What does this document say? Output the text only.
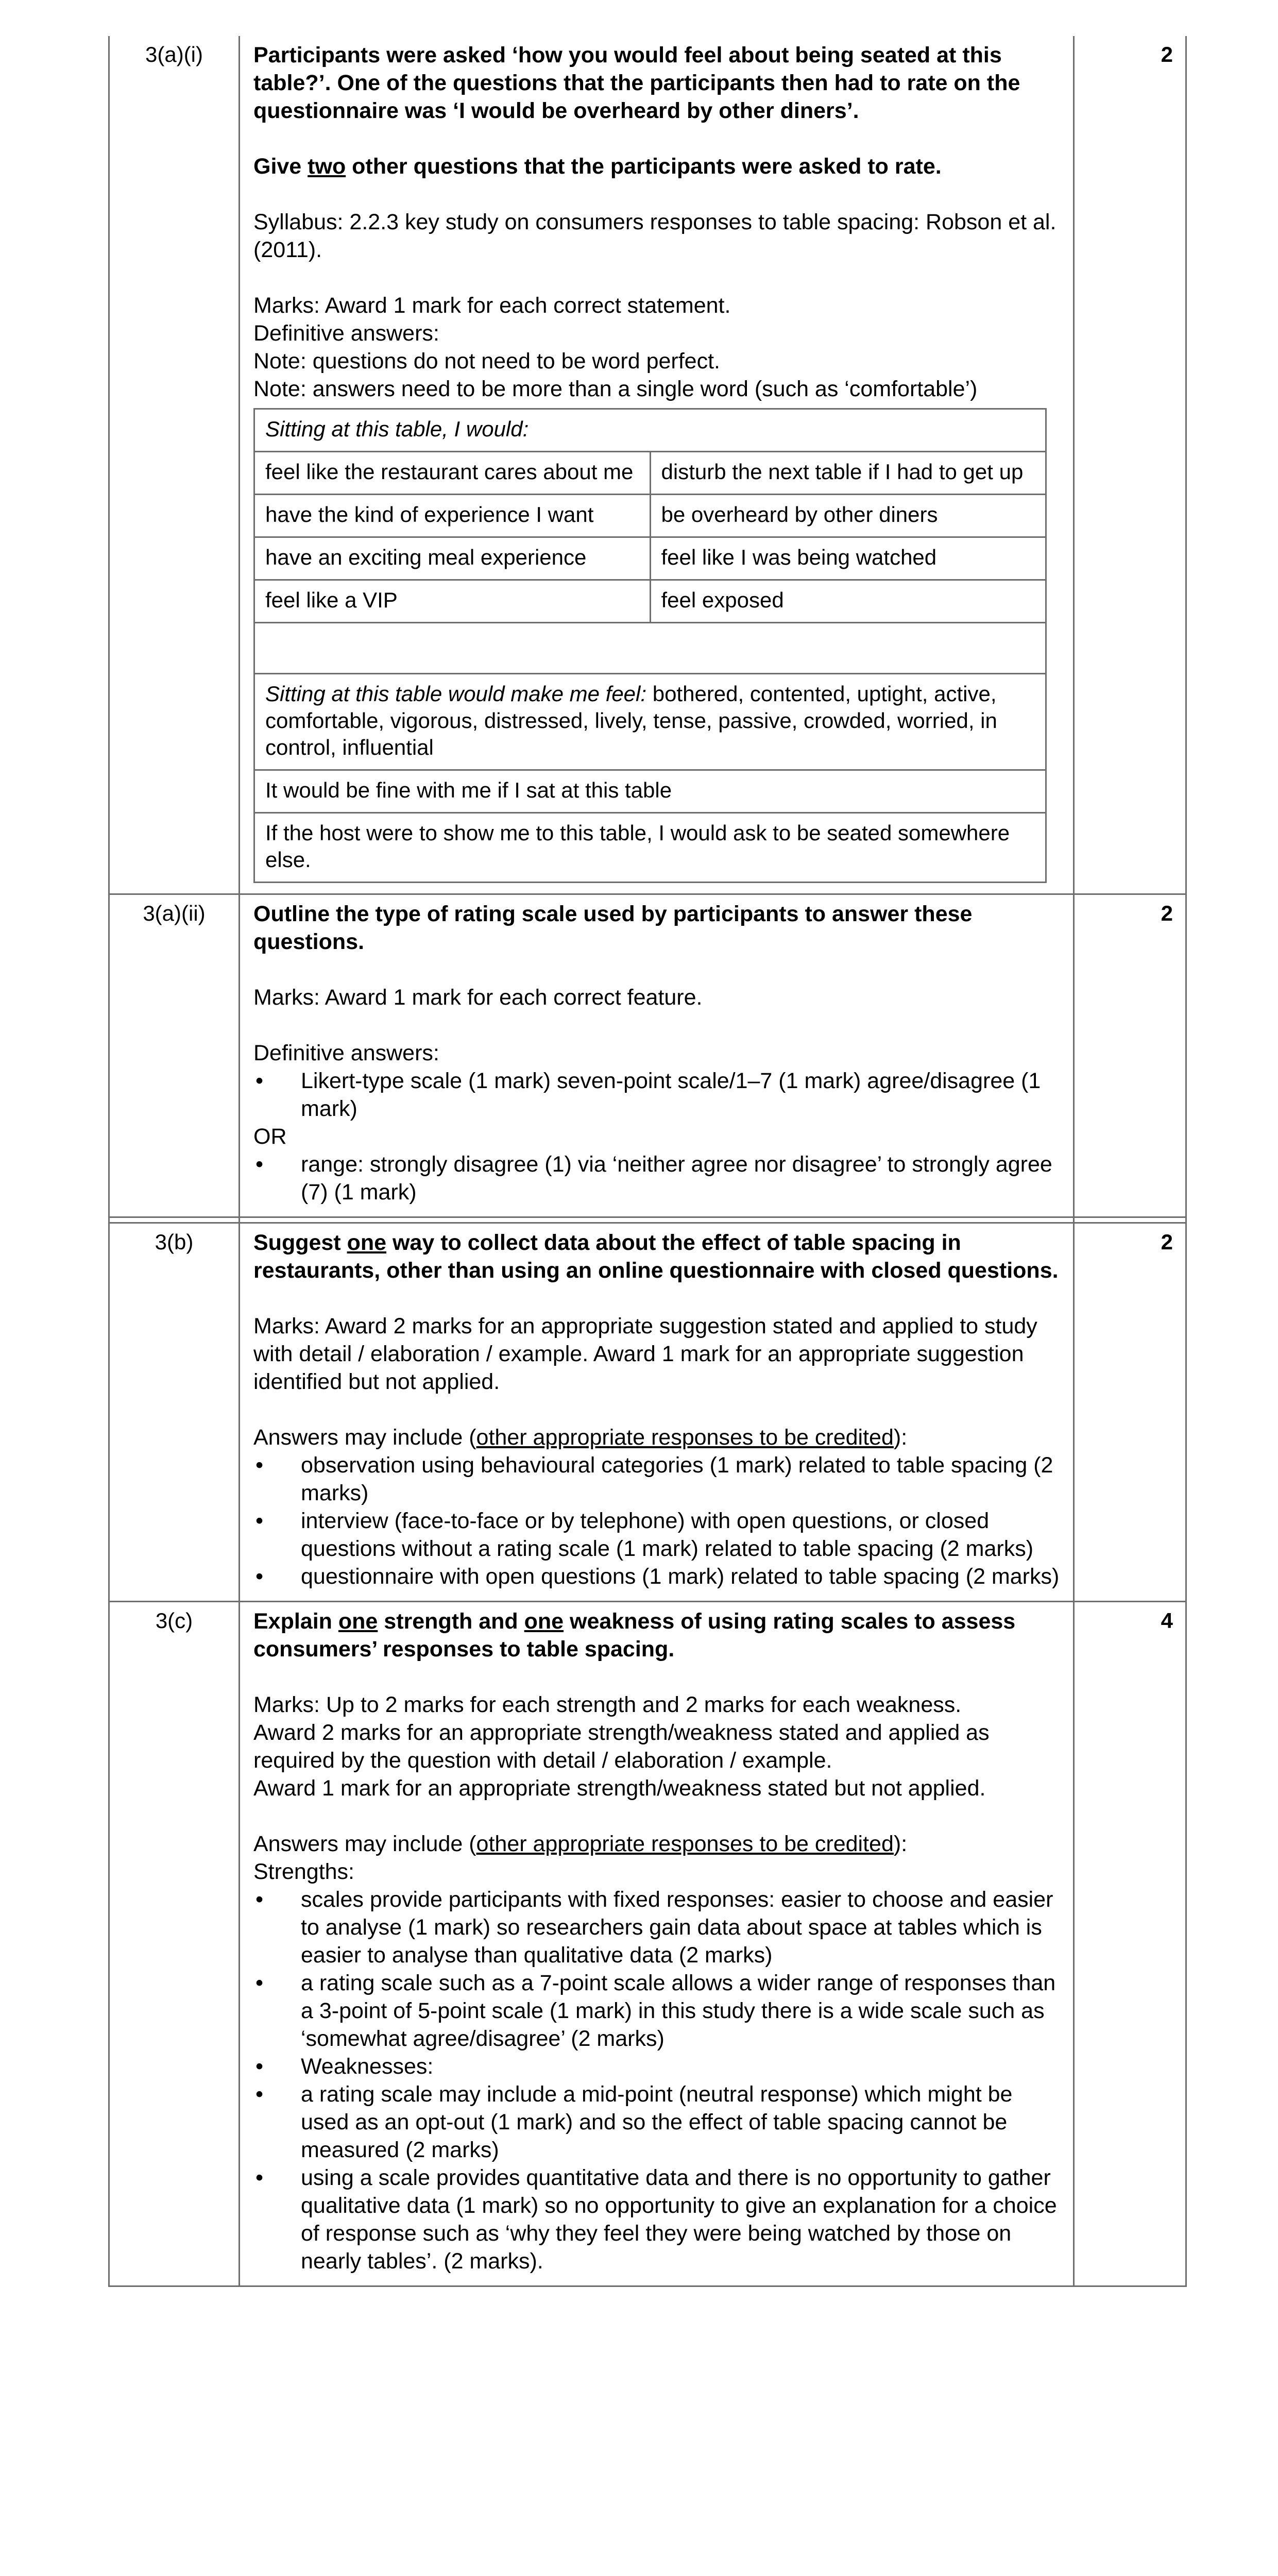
3(a)(i)	Participants were asked ‘how you would feel about being seated at this table?’. One of the questions that the participants then had to rate on the questionnaire was ‘I would be overheard by other diners’.

Give two other questions that the participants were asked to rate.

Syllabus: 2.2.3 key study on consumers responses to table spacing: Robson et al. (2011).

Marks: Award 1 mark for each correct statement.

Definitive answers:

Note: questions do not need to be word perfect.

Note: answers need to be more than a single word (such as ‘comfortable’)

Sitting at this table, I would:
feel like the restaurant cares about me	disturb the next table if I had to get up
have the kind of experience I want	be overheard by other diners
have an exciting meal experience	feel like I was being watched
feel like a VIP	feel exposed

Sitting at this table would make me feel: bothered, contented, uptight, active, comfortable, vigorous, distressed, lively, tense, passive, crowded, worried, in control, influential
It would be fine with me if I sat at this table
If the host were to show me to this table, I would ask to be seated somewhere else.
	2
3(a)(ii)	Outline the type of rating scale used by participants to answer these questions.

Marks: Award 1 mark for each correct feature.

Definitive answers:

• Likert-type scale (1 mark) seven-point scale/1–7 (1 mark) agree/disagree (1 mark)

OR

• range: strongly disagree (1) via ‘neither agree nor disagree’ to strongly agree (7) (1 mark)
	2

3(b)	Suggest one way to collect data about the effect of table spacing in restaurants, other than using an online questionnaire with closed questions.

Marks: Award 2 marks for an appropriate suggestion stated and applied to study with detail / elaboration / example. Award 1 mark for an appropriate suggestion identified but not applied.

Answers may include (other appropriate responses to be credited):

• observation using behavioural categories (1 mark) related to table spacing (2 marks)
• interview (face-to-face or by telephone) with open questions, or closed questions without a rating scale (1 mark) related to table spacing (2 marks)
• questionnaire with open questions (1 mark) related to table spacing (2 marks)
	2
3(c)	Explain one strength and one weakness of using rating scales to assess consumers’ responses to table spacing.

Marks: Up to 2 marks for each strength and 2 marks for each weakness.

Award 2 marks for an appropriate strength/weakness stated and applied as required by the question with detail / elaboration / example.

Award 1 mark for an appropriate strength/weakness stated but not applied.

Answers may include (other appropriate responses to be credited):

Strengths:

• scales provide participants with fixed responses: easier to choose and easier to analyse (1 mark) so researchers gain data about space at tables which is easier to analyse than qualitative data (2 marks)
• a rating scale such as a 7-point scale allows a wider range of responses than a 3-point of 5-point scale (1 mark) in this study there is a wide scale such as ‘somewhat agree/disagree’ (2 marks)
• Weaknesses:
• a rating scale may include a mid-point (neutral response) which might be used as an opt-out (1 mark) and so the effect of table spacing cannot be measured (2 marks)
• using a scale provides quantitative data and there is no opportunity to gather qualitative data (1 mark) so no opportunity to give an explanation for a choice of response such as ‘why they feel they were being watched by those on nearly tables’. (2 marks).
	4
